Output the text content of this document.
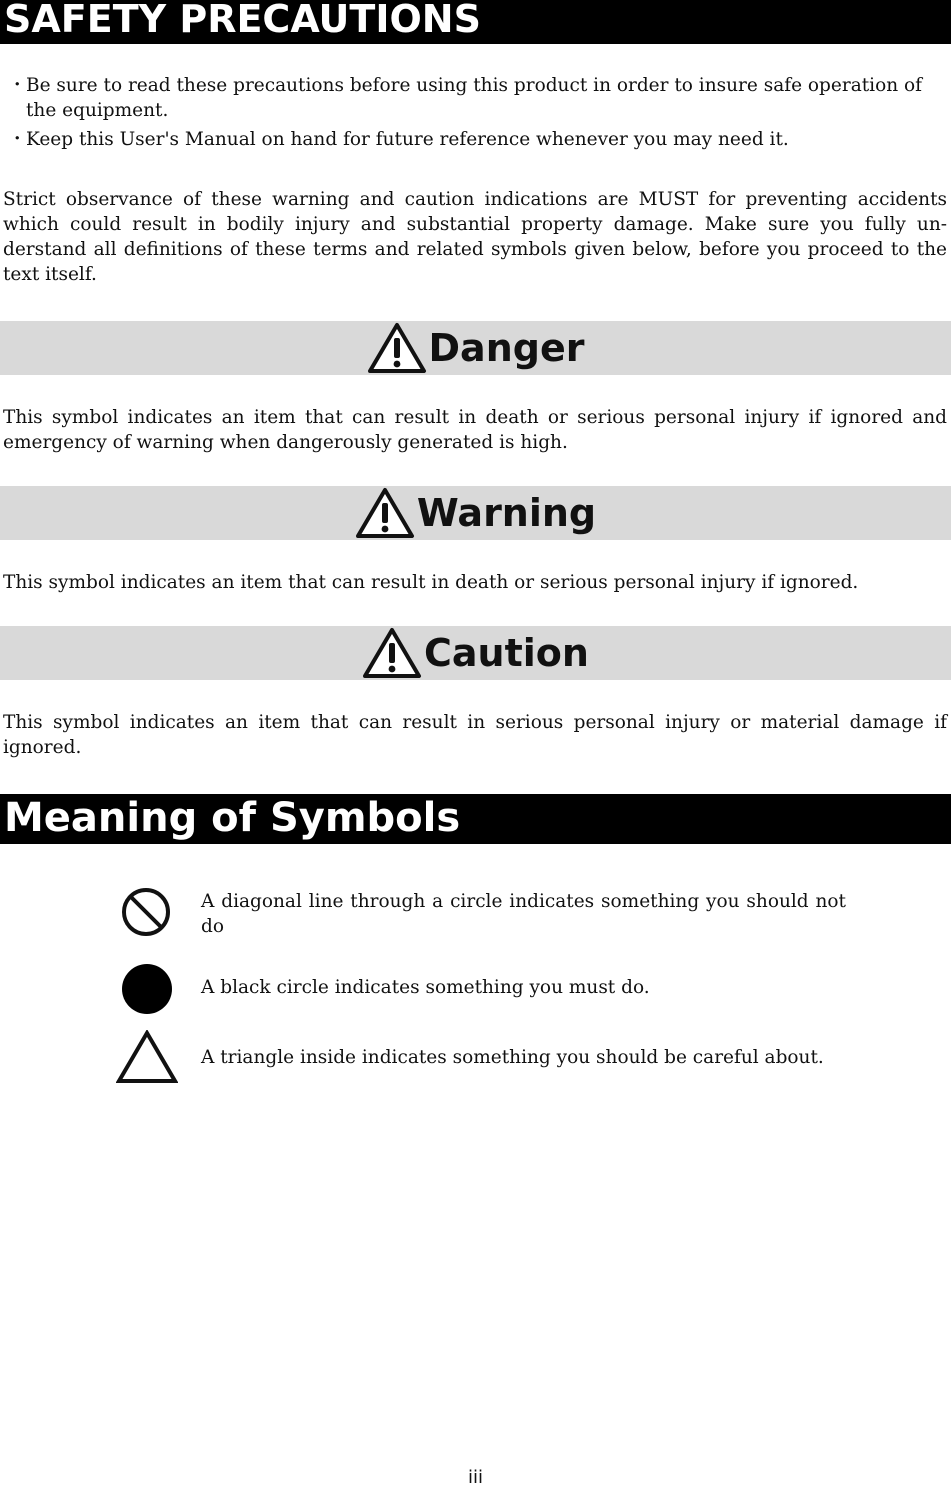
SAFETY PRECAUTIONS
・ Be sure to read these precautions before using this product in order to insure safe operation of the equipment.
・ Keep this User's Manual on hand for future reference whenever you may need it.

Strict observance of these warning and caution indications are MUST for preventing accidents which could result in bodily injury and substantial property damage. Make sure you fully un-derstand all definitions of these terms and related symbols given below, before you proceed to the text itself.

Danger

This symbol indicates an item that can result in death or serious personal injury if ignored and emergency of warning when dangerously generated is high.

Warning

This symbol indicates an item that can result in death or serious personal injury if ignored.

Caution

This symbol indicates an item that can result in serious personal injury or material damage if ignored.

Meaning of Symbols
A diagonal line through a circle indicates something you should not do
A black circle indicates something you must do.
A triangle inside indicates something you should be careful about.
iii
